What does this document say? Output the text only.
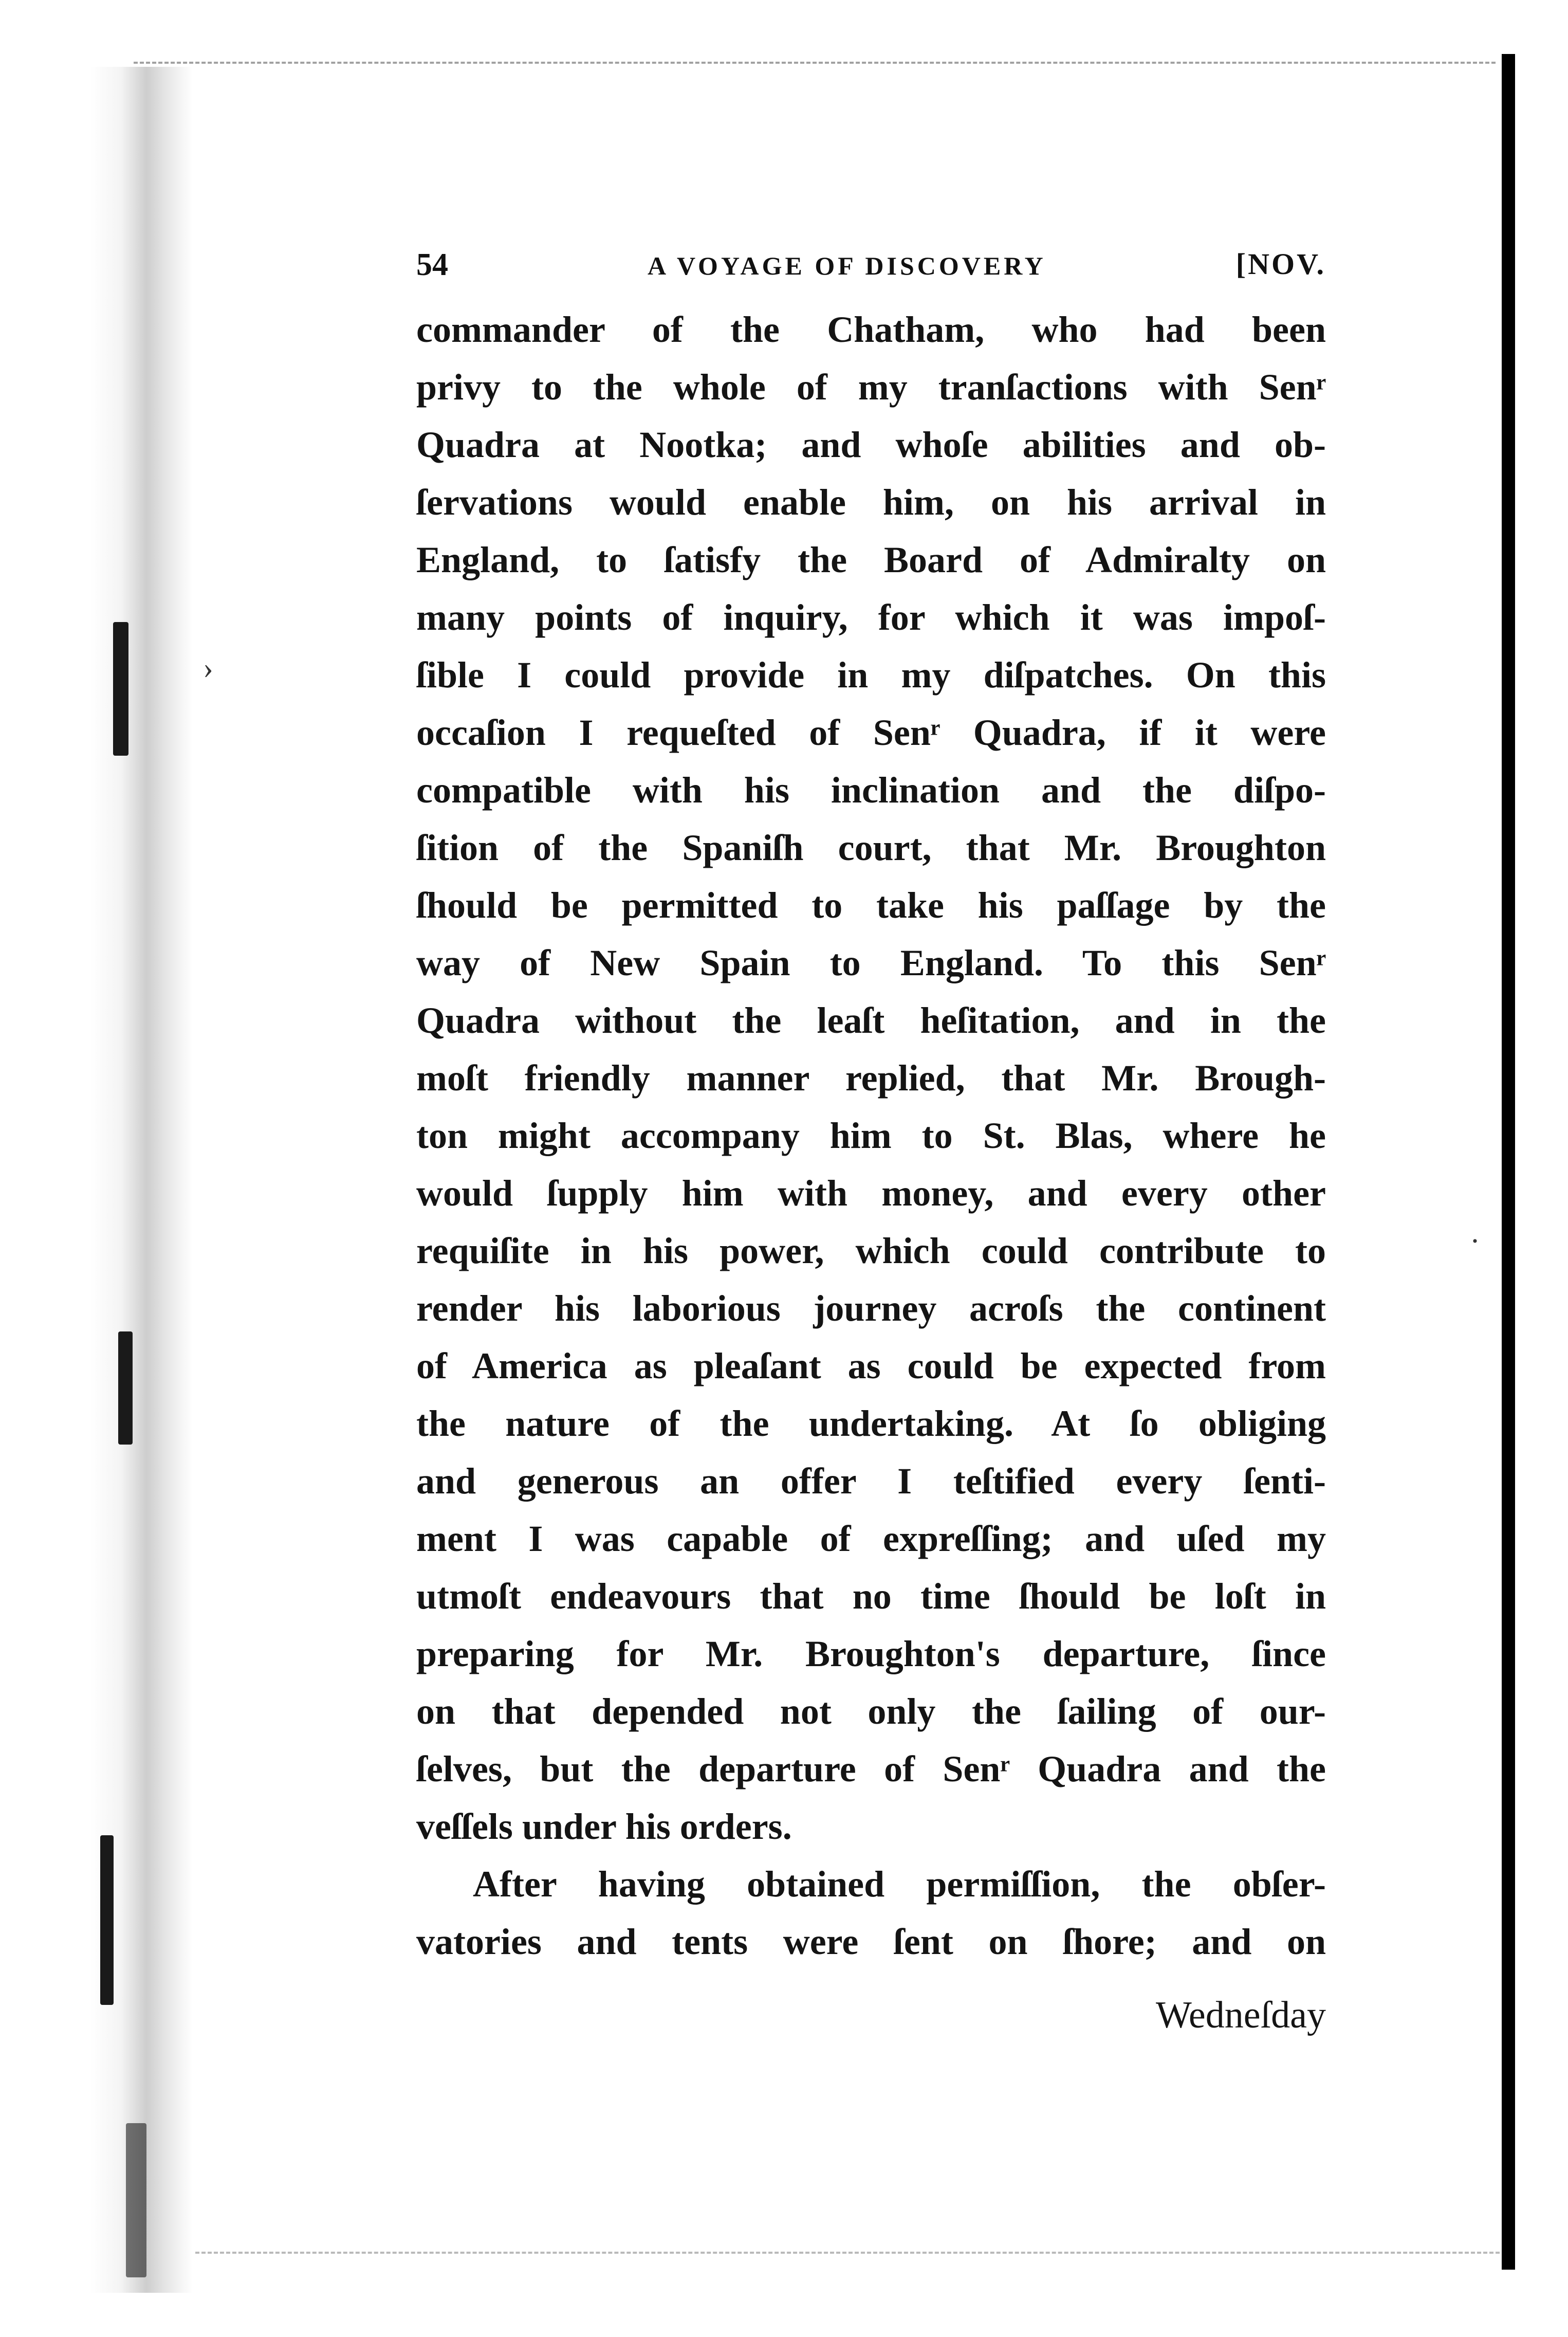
›
·
54	A VOYAGE OF DISCOVERY	[NOV.
commander of the Chatham, who had been
privy to the whole of my tranſactions with Senʳ
Quadra at Nootka; and whoſe abilities and ob-
ſervations would enable him, on his arrival in
England, to ſatisfy the Board of Admiralty on
many points of inquiry, for which it was impoſ-
ſible I could provide in my diſpatches. On this
occaſion I requeſted of Senʳ Quadra, if it were
compatible with his inclination and the diſpo-
ſition of the Spaniſh court, that Mr. Broughton
ſhould be permitted to take his paſſage by the
way of New Spain to England. To this Senʳ
Quadra without the leaſt heſitation, and in the
moſt friendly manner replied, that Mr. Brough-
ton might accompany him to St. Blas, where he
would ſupply him with money, and every other
requiſite in his power, which could contribute to
render his laborious journey acroſs the continent
of America as pleaſant as could be expected from
the nature of the undertaking. At ſo obliging
and generous an offer I teſtified every ſenti-
ment I was capable of expreſſing; and uſed my
utmoſt endeavours that no time ſhould be loſt in
preparing for Mr. Broughton's departure, ſince
on that depended not only the ſailing of our-
ſelves, but the departure of Senʳ Quadra and the
veſſels under his orders.
After having obtained permiſſion, the obſer-
vatories and tents were ſent on ſhore; and on
Wedneſday
